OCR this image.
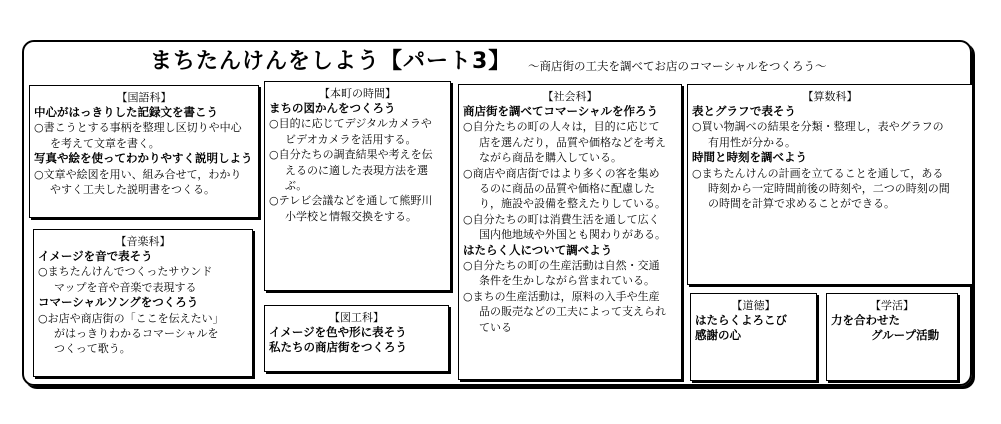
まちたんけんをしよう【パート3】 ～商店街の工夫を調べてお店のコマーシャルをつくろう～
【国語科】
中心がはっきりした記録文を書こう
○書こうとする事柄を整理し区切りや中心
を考えて文章を書く。
写真や絵を使ってわかりやすく説明しよう
○文章や絵図を用い、組み合せて，わかり
やすく工夫した説明書をつくる。
【本町の時間】
まちの図かんをつくろう
○目的に応じてデジタルカメラや
ビデオカメラを活用する。
○自分たちの調査結果や考えを伝
えるのに適した表現方法を選
ぶ。
○テレビ会議などを通して熊野川
小学校と情報交換をする。
【社会科】
商店街を調べてコマーシャルを作ろう
○自分たちの町の人々は，目的に応じて
店を選んだり，品質や価格などを考え
ながら商品を購入している。
○商店や商店街ではより多くの客を集め
るのに商品の品質や価格に配慮した
り，施設や設備を整えたりしている。
○自分たちの町は消費生活を通して広く
国内他地域や外国とも関わりがある。
はたらく人について調べよう
○自分たちの町の生産活動は自然・交通
条件を生かしながら営まれている。
○まちの生産活動は，原料の入手や生産
品の販売などの工夫によって支えられ
ている
【算数科】
表とグラフで表そう
○買い物調べの結果を分類・整理し，表やグラフの
有用性が分かる。
時間と時刻を調べよう
○まちたんけんの計画を立てることを通して，ある
時刻から一定時間前後の時刻や，二つの時刻の間
の時間を計算で求めることができる。
【音楽科】
イメージを音で表そう
○まちたんけんでつくったサウンド
マップを音や音楽で表現する
コマーシャルソングをつくろう
○お店や商店街の「ここを伝えたい」
がはっきりわかるコマーシャルを
つくって歌う。
【図工科】
イメージを色や形に表そう
私たちの商店街をつくろう
【道徳】
はたらくよろこび
感謝の心
【学活】
力を合わせた
グループ活動
